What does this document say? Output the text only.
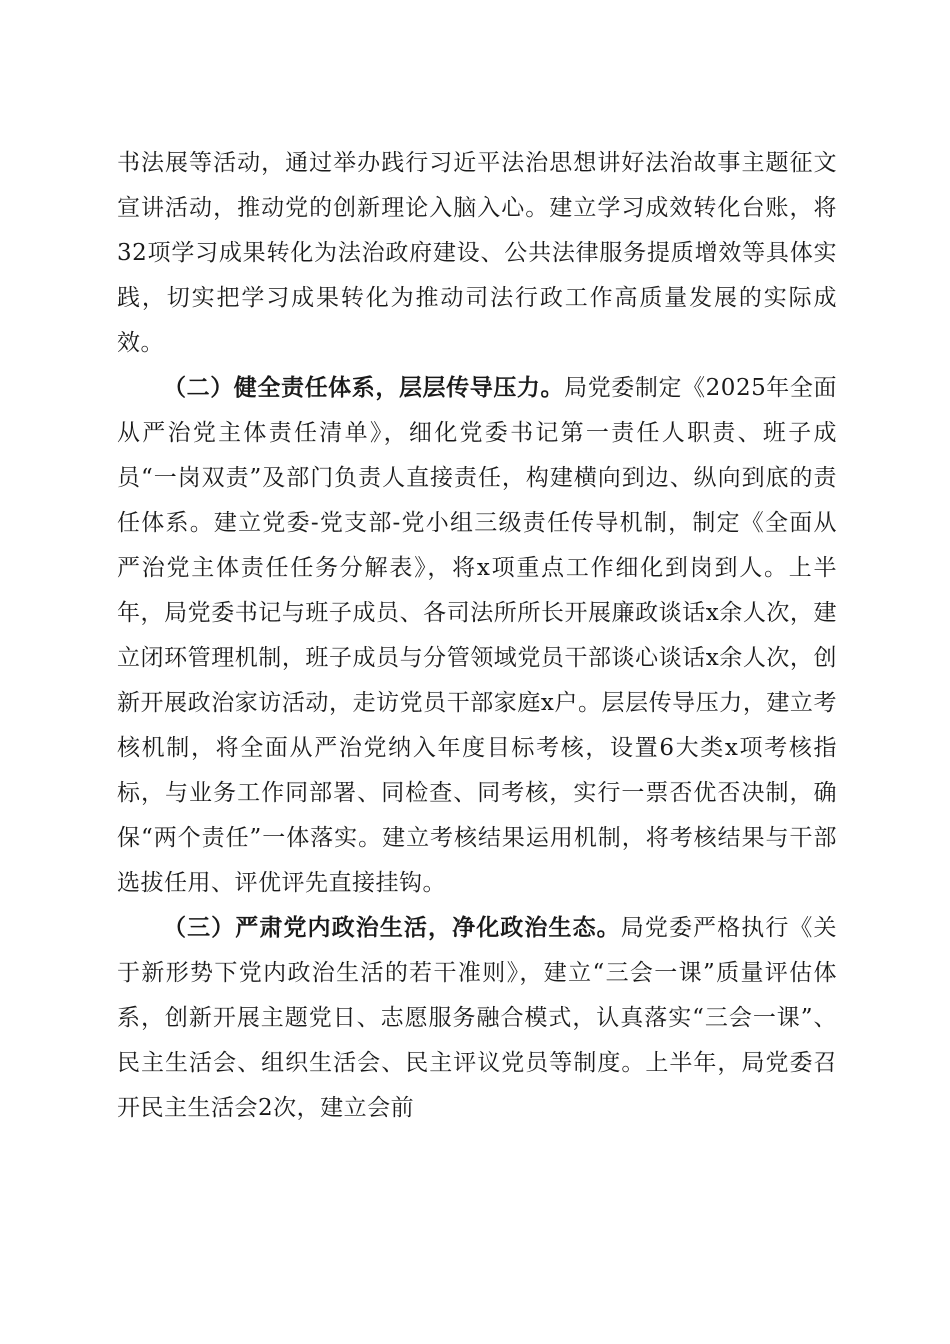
书法展等活动，通过举办践行习近平法治思想讲好法治故事主题征文宣讲活动，推动党的创新理论入脑入心。建立学习成效转化台账，将32项学习成果转化为法治政府建设、公共法律服务提质增效等具体实践，切实把学习成果转化为推动司法行政工作高质量发展的实际成效。

（二）健全责任体系，层层传导压力。局党委制定《2025年全面从严治党主体责任清单》，细化党委书记第一责任人职责、班子成员“一岗双责”及部门负责人直接责任，构建横向到边、纵向到底的责任体系。建立党委-党支部-党小组三级责任传导机制，制定《全面从严治党主体责任任务分解表》，将x项重点工作细化到岗到人。上半年，局党委书记与班子成员、各司法所所长开展廉政谈话x余人次，建立闭环管理机制，班子成员与分管领域党员干部谈心谈话x余人次，创新开展政治家访活动，走访党员干部家庭x户。层层传导压力，建立考核机制，将全面从严治党纳入年度目标考核，设置6大类x项考核指标，与业务工作同部署、同检查、同考核，实行一票否优否决制，确保“两个责任”一体落实。建立考核结果运用机制，将考核结果与干部选拔任用、评优评先直接挂钩。

（三）严肃党内政治生活，净化政治生态。局党委严格执行《关于新形势下党内政治生活的若干准则》，建立“三会一课”质量评估体系，创新开展主题党日、志愿服务融合模式，认真落实“三会一课”、民主生活会、组织生活会、民主评议党员等制度。上半年，局党委召开民主生活会2次，建立会前
